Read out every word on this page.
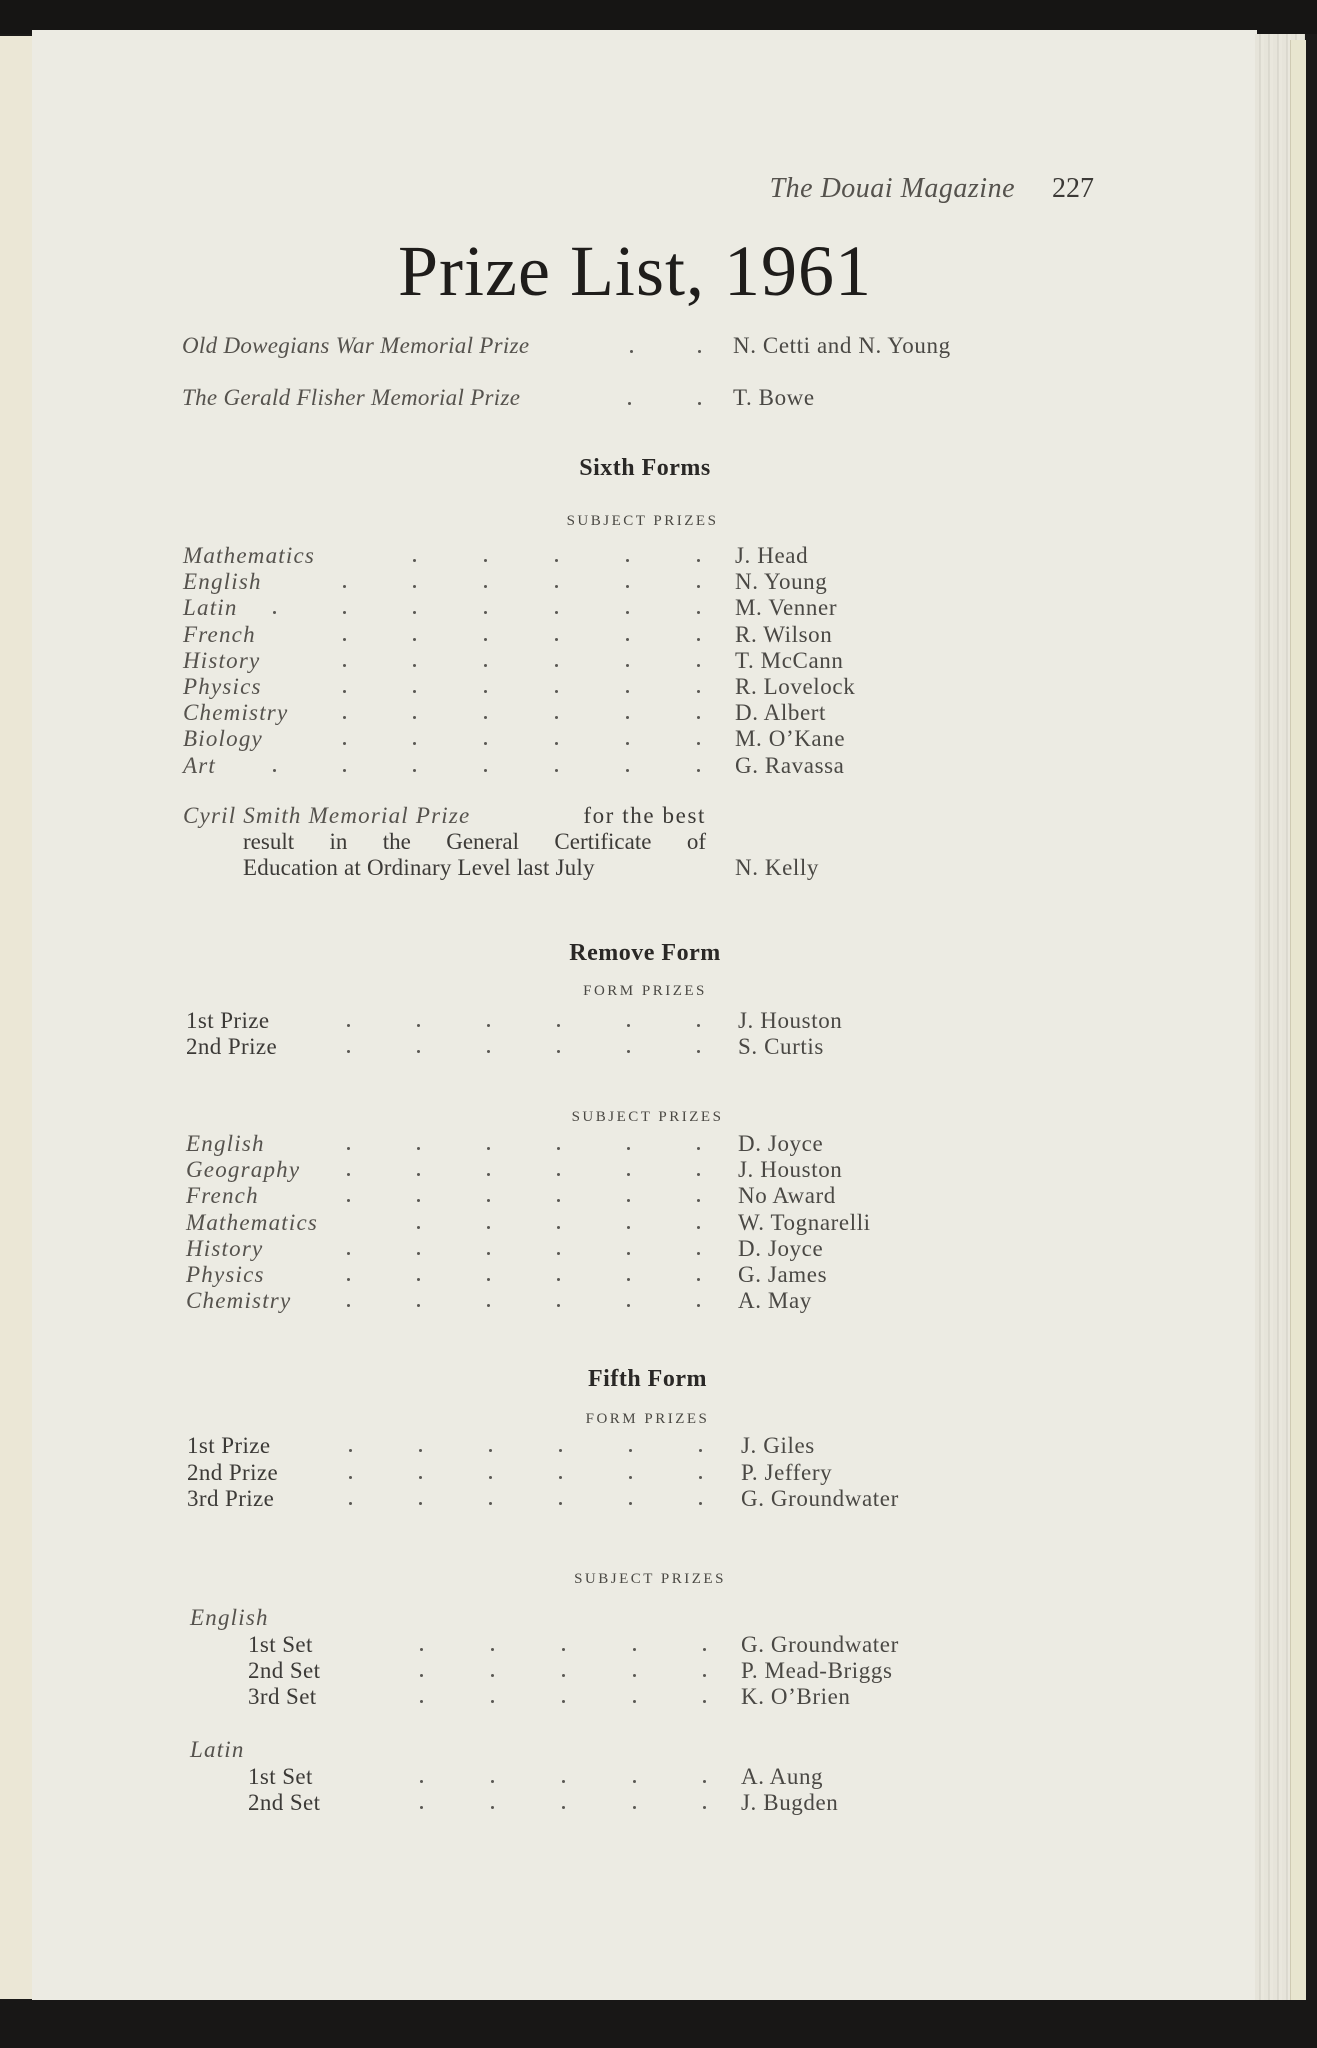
The Douai Magazine 227
Prize List, 1961
Old Dowegians War Memorial Prize	N. Cetti and N. Young
The Gerald Flisher Memorial Prize	T. Bowe
Sixth Forms
SUBJECT PRIZES
Mathematics	J. Head
English	N. Young
Latin	M. Venner
French	R. Wilson
History	T. McCann
Physics	R. Lovelock
Chemistry	D. Albert
Biology	M. O’Kane
Art	G. Ravassa
Cyril Smith Memorial Prize	for the best
result in the General Certificate of
Education at Ordinary Level last July	N. Kelly
Remove Form
FORM PRIZES
1st Prize	J. Houston
2nd Prize	S. Curtis
SUBJECT PRIZES
English	D. Joyce
Geography	J. Houston
French	No Award
Mathematics	W. Tognarelli
History	D. Joyce
Physics	G. James
Chemistry	A. May
Fifth Form
FORM PRIZES
1st Prize	J. Giles
2nd Prize	P. Jeffery
3rd Prize	G. Groundwater
SUBJECT PRIZES
English
1st Set	G. Groundwater
2nd Set	P. Mead-Briggs
3rd Set	K. O’Brien
Latin
1st Set	A. Aung
2nd Set	J. Bugden
